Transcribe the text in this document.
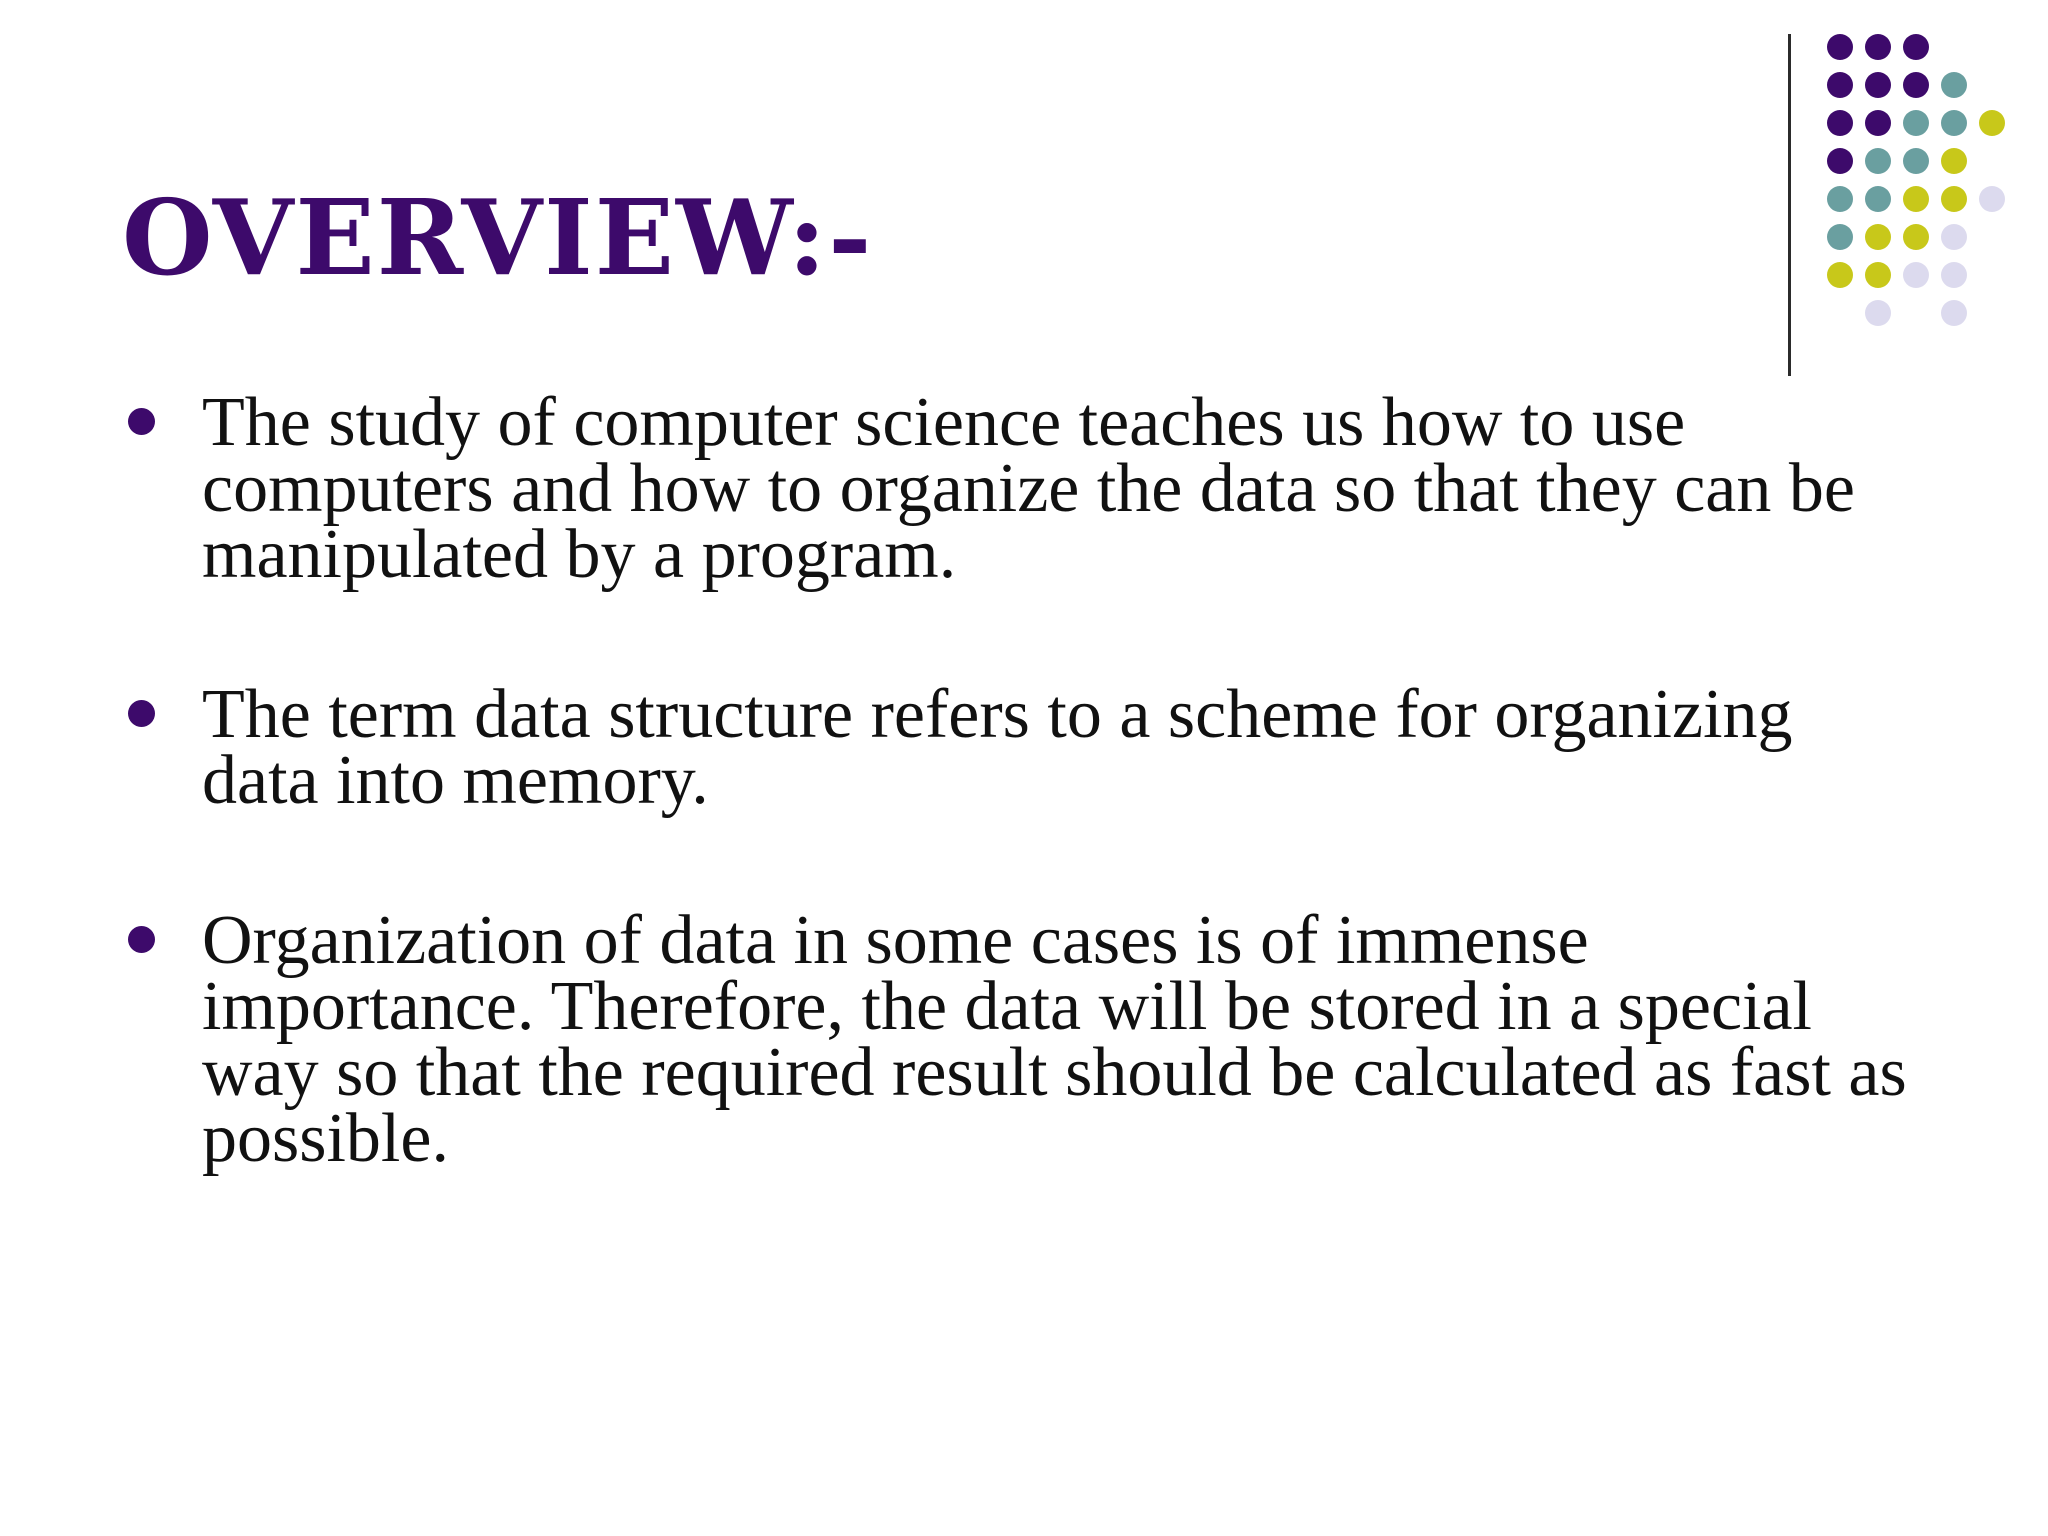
OVERVIEW:-
The study of computer science teaches us how to use computers and how to organize the data so that they can be manipulated by a program.
The term data structure refers to a scheme for organizing data into memory.
Organization of data in some cases is of immense importance. Therefore, the data will be stored in a special way so that the required result should be calculated as fast as possible.
